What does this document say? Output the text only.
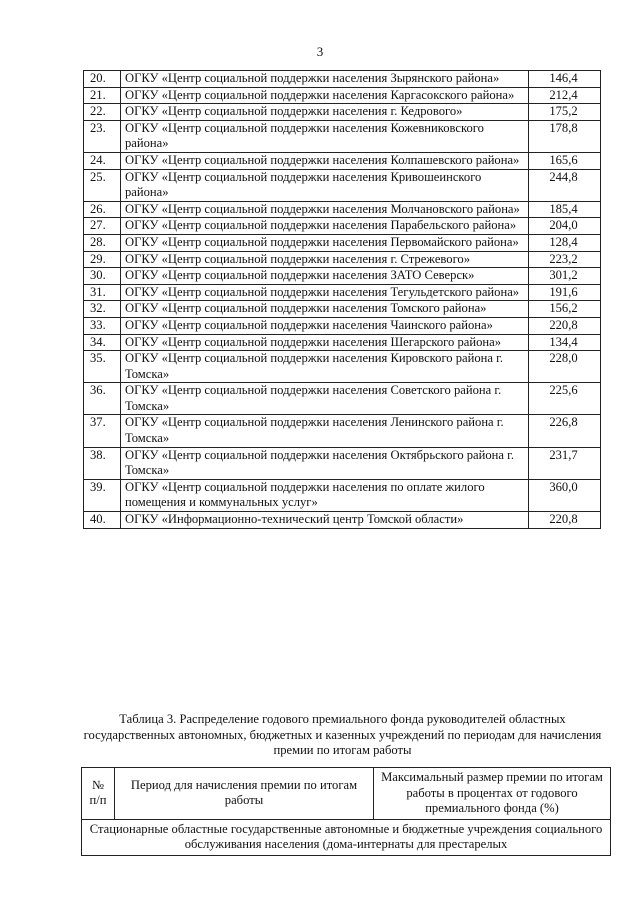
3
20.	ОГКУ «Центр социальной поддержки населения Зырянского района»	146,4
21.	ОГКУ «Центр социальной поддержки населения Каргасокского района»	212,4
22.	ОГКУ «Центр социальной поддержки населения г. Кедрового»	175,2
23.	ОГКУ «Центр социальной поддержки населения Кожевниковского района»	178,8
24.	ОГКУ «Центр социальной поддержки населения Колпашевского района»	165,6
25.	ОГКУ «Центр социальной поддержки населения Кривошеинского района»	244,8
26.	ОГКУ «Центр социальной поддержки населения Молчановского района»	185,4
27.	ОГКУ «Центр социальной поддержки населения Парабельского района»	204,0
28.	ОГКУ «Центр социальной поддержки населения Первомайского района»	128,4
29.	ОГКУ «Центр социальной поддержки населения г. Стрежевого»	223,2
30.	ОГКУ «Центр социальной поддержки населения ЗАТО Северск»	301,2
31.	ОГКУ «Центр социальной поддержки населения Тегульдетского района»	191,6
32.	ОГКУ «Центр социальной поддержки населения Томского района»	156,2
33.	ОГКУ «Центр социальной поддержки населения Чаинского района»	220,8
34.	ОГКУ «Центр социальной поддержки населения Шегарского района»	134,4
35.	ОГКУ «Центр социальной поддержки населения Кировского района г. Томска»	228,0
36.	ОГКУ «Центр социальной поддержки населения Советского района г. Томска»	225,6
37.	ОГКУ «Центр социальной поддержки населения Ленинского района г. Томска»	226,8
38.	ОГКУ «Центр социальной поддержки населения Октябрьского района г. Томска»	231,7
39.	ОГКУ «Центр социальной поддержки населения по оплате жилого помещения и коммунальных услуг»	360,0
40.	ОГКУ «Информационно-технический центр Томской области»	220,8
Таблица 3. Распределение годового премиального фонда руководителей областных государственных автономных, бюджетных и казенных учреждений по периодам для начисления премии по итогам работы
№ п/п	Период для начисления премии по итогам работы	Максимальный размер премии по итогам работы в процентах от годового премиального фонда (%)
Стационарные областные государственные автономные и бюджетные учреждения социального обслуживания населения (дома-интернаты для престарелых
